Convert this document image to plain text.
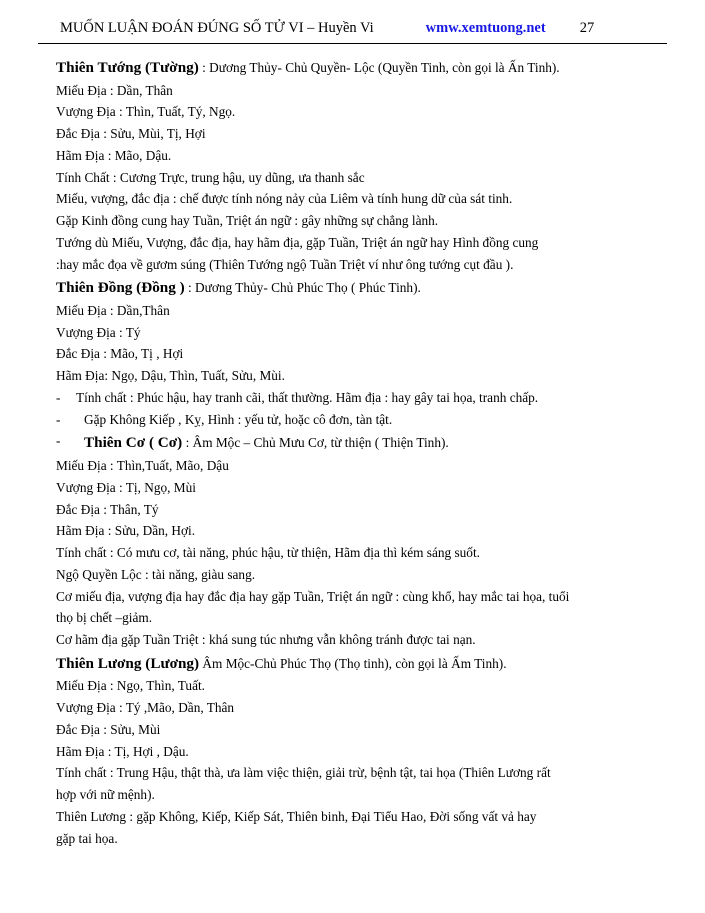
MUỐN LUẬN ĐOÁN ĐÚNG SỐ TỬ VI – Huyền Vi	wmw.xemtuong.net 27

Thiên Tướng (Tường) : Dương Thủy- Chủ Quyền- Lộc (Quyền Tinh, còn gọi là Ấn Tinh).

Miếu Địa : Dần, Thân

Vượng Địa : Thìn, Tuất, Tý, Ngọ.

Đắc Địa : Sửu, Mùi, Tị, Hợi

Hãm Địa : Mão, Dậu.

Tính Chất : Cương Trực, trung hậu, uy dũng, ưa thanh sắc

Miếu, vượng, đắc địa : chế được tính nóng nảy của Liêm và tính hung dữ của sát tinh.

Gặp Kinh đồng cung hay Tuần, Triệt án ngữ : gây những sự chẳng lành.

Tướng dù Miếu, Vượng, đắc địa, hay hãm địa, gặp Tuần, Triệt án ngữ hay Hình đồng cung

:hay mắc đọa về gươm súng (Thiên Tướng ngộ Tuần Triệt ví như ông tướng cụt đầu ).

Thiên Đồng (Đồng ) : Dương Thủy- Chủ Phúc Thọ ( Phúc Tinh).

Miếu Địa : Dần,Thân

Vượng Địa : Tý

Đắc Địa : Mão, Tị , Hợi

Hãm Địa: Ngọ, Dậu, Thìn, Tuất, Sửu, Mùi.

-	Tính chất : Phúc hậu, hay tranh cãi, thất thường. Hãm địa : hay gây tai họa, tranh chấp.
-	Gặp Không Kiếp , Kỵ, Hình : yếu tử, hoặc cô đơn, tàn tật.
-	Thiên Cơ ( Cơ) : Âm Mộc – Chủ Mưu Cơ, từ thiện ( Thiện Tinh).

Miếu Địa : Thìn,Tuất, Mão, Dậu

Vượng Địa : Tị, Ngọ, Mùi

Đắc Địa : Thân, Tý

Hãm Địa : Sửu, Dần, Hợi.

Tính chất : Có mưu cơ, tài năng, phúc hậu, từ thiện, Hãm địa thì kém sáng suốt.

Ngộ Quyền Lộc : tài năng, giàu sang.

Cơ miếu địa, vượng địa hay đắc địa hay gặp Tuần, Triệt án ngữ : cùng khổ, hay mắc tai họa, tuổi

thọ bị chết –giảm.

Cơ hãm địa gặp Tuần Triệt : khá sung túc nhưng vẫn không tránh được tai nạn.

Thiên Lương (Lương) Âm Mộc-Chủ Phúc Thọ (Thọ tinh), còn gọi là Ấm Tinh).

Miếu Địa : Ngọ, Thìn, Tuất.

Vượng Địa : Tý ,Mão, Dần, Thân

Đắc Địa : Sửu, Mùi

Hãm Địa : Tị, Hợi , Dậu.

Tính chất : Trung Hậu, thật thà, ưa làm việc thiện, giải trừ, bệnh tật, tai họa (Thiên Lương rất

hợp với nữ mệnh).

Thiên Lương : gặp Không, Kiếp, Kiếp Sát, Thiên binh, Đại Tiểu Hao, Đời sống vất vả hay

gặp tai họa.
